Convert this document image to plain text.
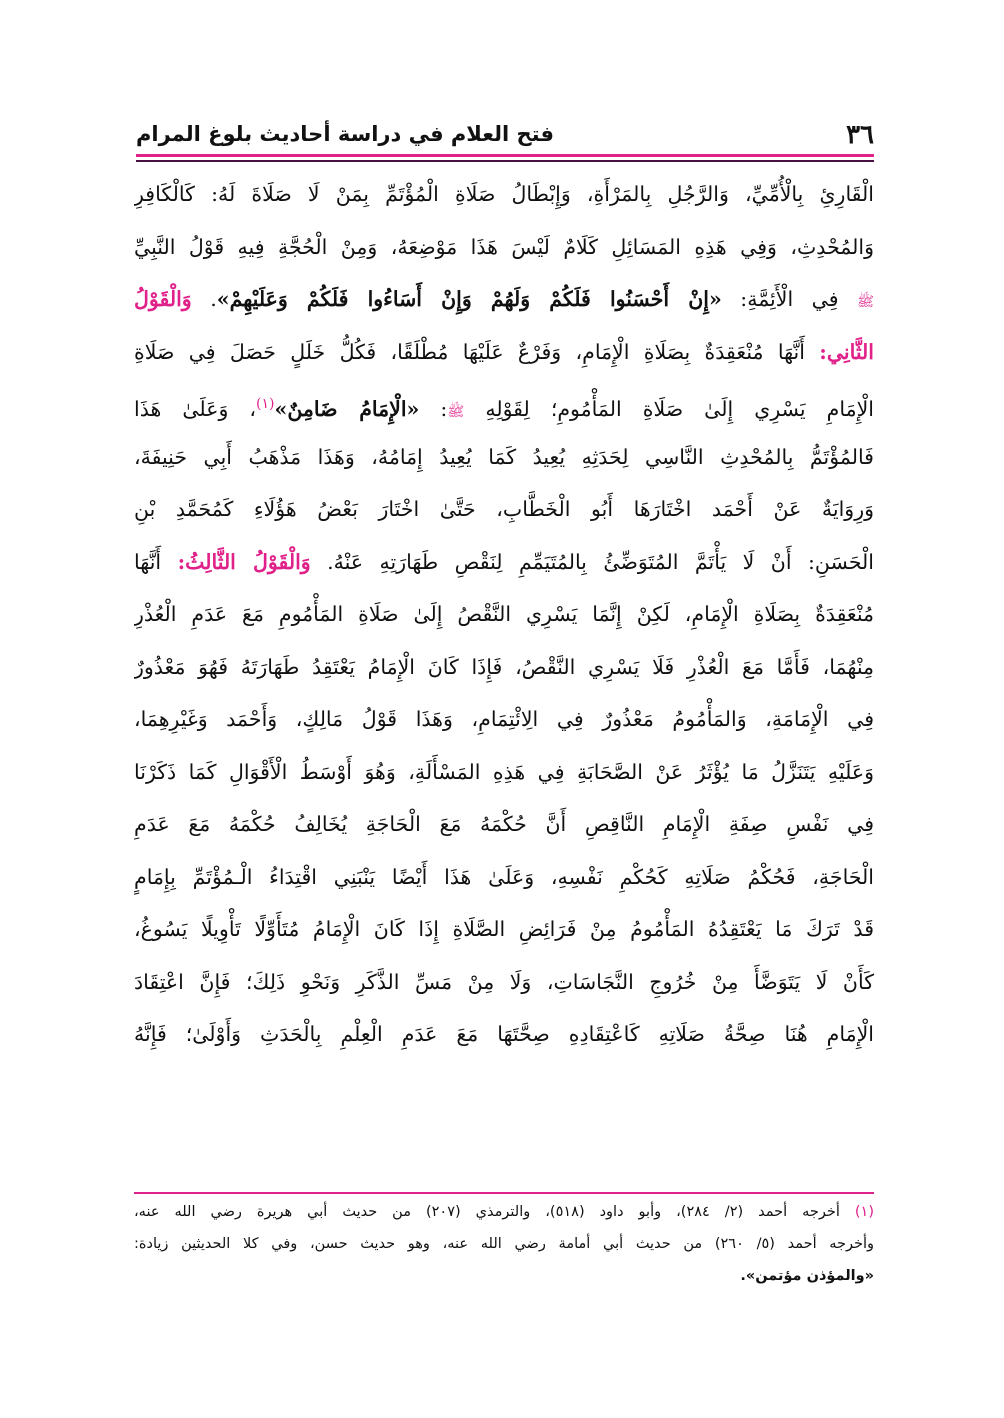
٣٦
فتح العلام في دراسة أحاديث بلوغ المرام
الْقَارِئِ بِالْأُمِّيِّ، وَالرَّجُلِ بِالمَرْأَةِ، وَإِبْطَالُ صَلَاةِ الْمُؤْتَمِّ بِمَنْ لَا صَلَاةَ لَهُ: كَالْكَافِرِ
وَالمُحْدِثِ، وَفِي هَذِهِ المَسَائِلِ كَلَامٌ لَيْسَ هَذَا مَوْضِعَهُ، وَمِنْ الْحُجَّةِ فِيهِ قَوْلُ النَّبِيِّ
ﷺ فِي الْأَئِمَّةِ: «إِنْ أَحْسَنُوا فَلَكُمْ وَلَهُمْ وَإِنْ أَسَاءُوا فَلَكُمْ وَعَلَيْهِمْ». وَالْقَوْلُ
الثَّانِي: أَنَّهَا مُنْعَقِدَةٌ بِصَلَاةِ الْإِمَامِ، وَفَرْعٌ عَلَيْهَا مُطْلَقًا، فَكُلُّ خَلَلٍ حَصَلَ فِي صَلَاةِ
الْإِمَامِ يَسْرِي إِلَىٰ صَلَاةِ المَأْمُومِ؛ لِقَوْلِهِ ﷺ: «الْإِمَامُ ضَامِنٌ»$^{(١)}$، وَعَلَىٰ هَذَا
فَالمُؤْتَمُّ بِالمُحْدِثِ النَّاسِي لِحَدَثِهِ يُعِيدُ كَمَا يُعِيدُ إِمَامُهُ، وَهَذَا مَذْهَبُ أَبِي حَنِيفَةَ،
وَرِوَايَةٌ عَنْ أَحْمَد اخْتَارَهَا أَبُو الْخَطَّابِ، حَتَّىٰ اخْتَارَ بَعْضُ هَؤُلَاءِ كَمُحَمَّدِ بْنِ
الْحَسَنِ: أَنْ لَا يَأْتَمَّ المُتَوَضِّئُ بِالمُتَيَمِّمِ لِنَقْصِ طَهَارَتِهِ عَنْهُ. وَالْقَوْلُ الثَّالِثُ: أَنَّهَا
مُنْعَقِدَةٌ بِصَلَاةِ الْإِمَامِ، لَكِنْ إِنَّمَا يَسْرِي النَّقْصُ إِلَىٰ صَلَاةِ المَأْمُومِ مَعَ عَدَمِ الْعُذْرِ
مِنْهُمَا، فَأَمَّا مَعَ الْعُذْرِ فَلَا يَسْرِي النَّقْصُ، فَإِذَا كَانَ الْإِمَامُ يَعْتَقِدُ طَهَارَتَهُ فَهُوَ مَعْذُورٌ
فِي الْإِمَامَةِ، وَالمَأْمُومُ مَعْذُورٌ فِي الِائْتِمَامِ، وَهَذَا قَوْلُ مَالِكٍ، وَأَحْمَد وَغَيْرِهِمَا،
وَعَلَيْهِ يَتَنَزَّلُ مَا يُؤْثَرُ عَنْ الصَّحَابَةِ فِي هَذِهِ المَسْأَلَةِ، وَهُوَ أَوْسَطُ الْأَقْوَالِ كَمَا ذَكَرْنَا
فِي نَفْسِ صِفَةِ الْإِمَامِ النَّاقِصِ أَنَّ حُكْمَهُ مَعَ الْحَاجَةِ يُخَالِفُ حُكْمَهُ مَعَ عَدَمِ
الْحَاجَةِ، فَحُكْمُ صَلَاتِهِ كَحُكْمِ نَفْسِهِ، وَعَلَىٰ هَذَا أَيْضًا يَنْبَنِي اقْتِدَاءُ الْـمُؤْتَمِّ بِإِمَامٍ
قَدْ تَرَكَ مَا يَعْتَقِدُهُ المَأْمُومُ مِنْ فَرَائِضِ الصَّلَاةِ إِذَا كَانَ الْإِمَامُ مُتَأَوِّلًا تَأْوِيلًا يَسُوغُ،
كَأَنْ لَا يَتَوَضَّأَ مِنْ خُرُوجِ النَّجَاسَاتِ، وَلَا مِنْ مَسِّ الذَّكَرِ وَنَحْوِ ذَلِكَ؛ فَإِنَّ اعْتِقَادَ
الْإِمَامِ هُنَا صِحَّةُ صَلَاتِهِ كَاعْتِقَادِهِ صِحَّتَهَا مَعَ عَدَمِ الْعِلْمِ بِالْحَدَثِ وَأَوْلَىٰ؛ فَإِنَّهُ
(١) أخرجه أحمد (٢/ ٢٨٤)، وأبو داود (٥١٨)، والترمذي (٢٠٧) من حديث أبي هريرة رضي الله عنه،
وأخرجه أحمد (٥/ ٢٦٠) من حديث أبي أمامة رضي الله عنه، وهو حديث حسن، وفي كلا الحديثين زيادة:
«والمؤذن مؤتمن».
